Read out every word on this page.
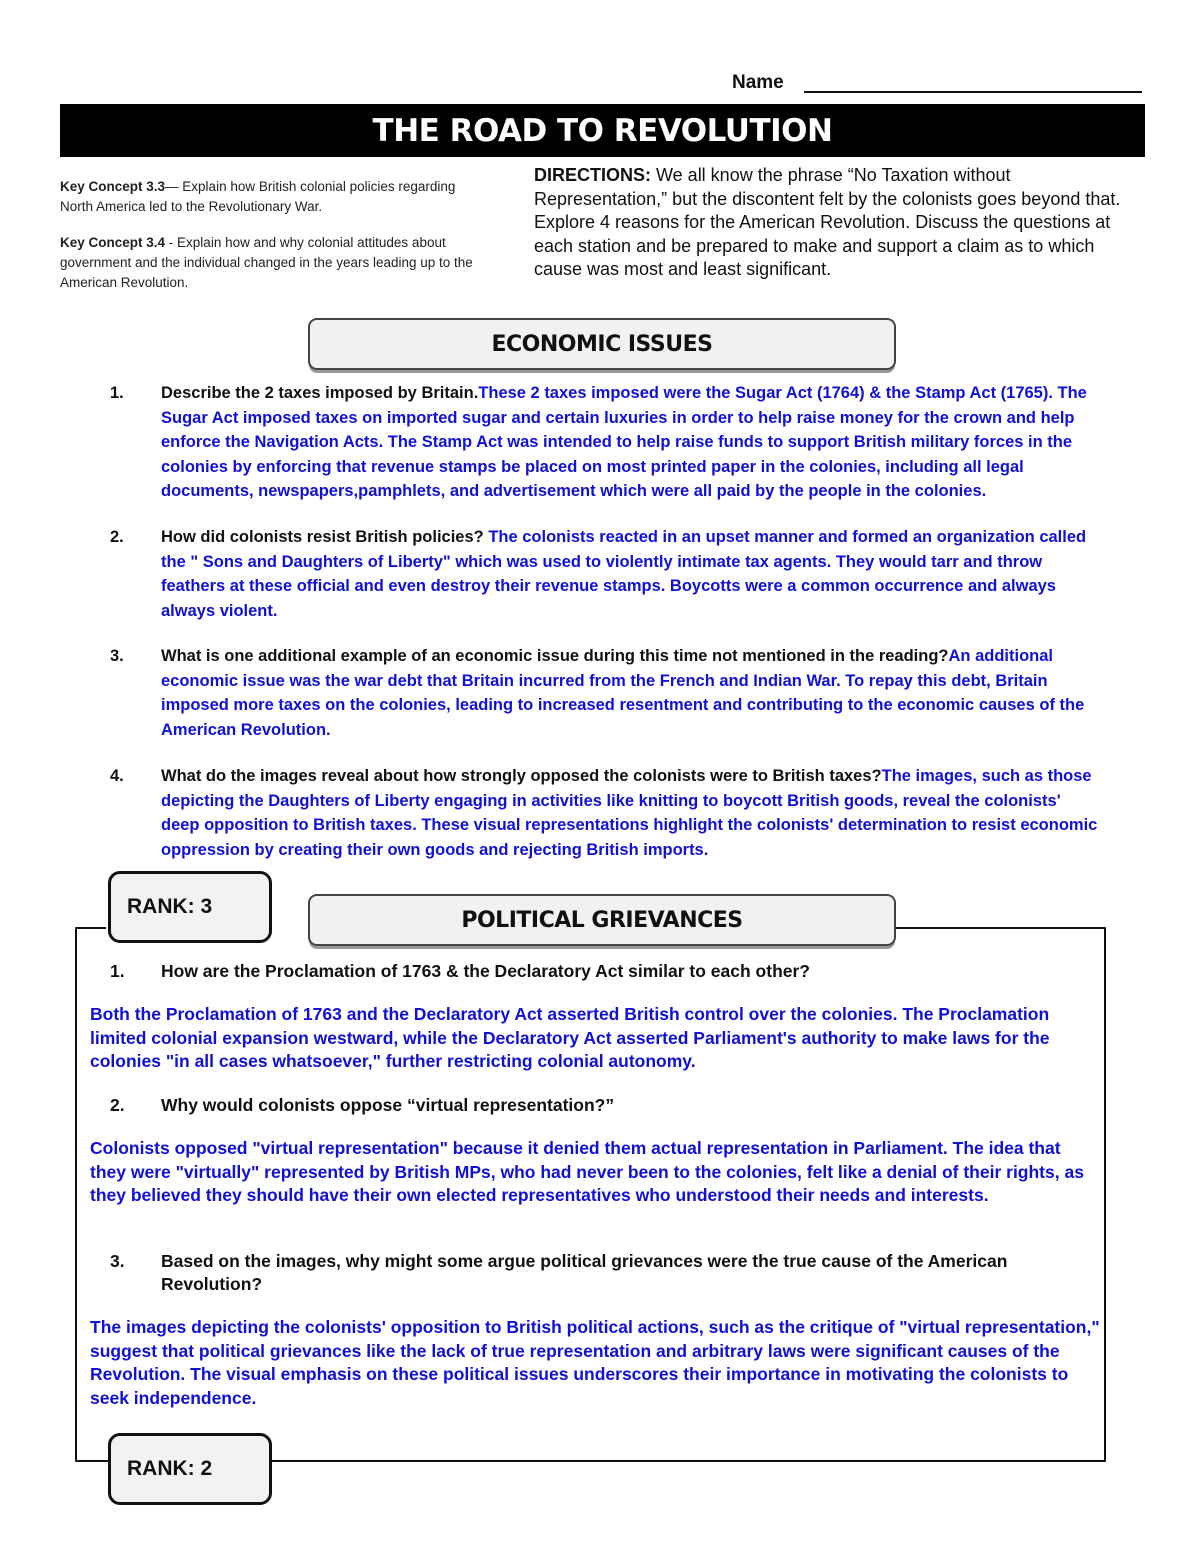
Name
THE ROAD TO REVOLUTION
Key Concept 3.3— Explain how British colonial policies regarding North America led to the Revolutionary War.
Key Concept 3.4 - Explain how and why colonial attitudes about government and the individual changed in the years leading up to the American Revolution.
DIRECTIONS: We all know the phrase “No Taxation without Representation,” but the discontent felt by the colonists goes beyond that. Explore 4 reasons for the American Revolution. Discuss the questions at each station and be prepared to make and support a claim as to which cause was most and least significant.
ECONOMIC ISSUES
1. Describe the 2 taxes imposed by Britain.These 2 taxes imposed were the Sugar Act (1764) & the Stamp Act (1765). The Sugar Act imposed taxes on imported sugar and certain luxuries in order to help raise money for the crown and help enforce the Navigation Acts. The Stamp Act was intended to help raise funds to support British military forces in the colonies by enforcing that revenue stamps be placed on most printed paper in the colonies, including all legal documents, newspapers,pamphlets, and advertisement which were all paid by the people in the colonies.
2. How did colonists resist British policies? The colonists reacted in an upset manner and formed an organization called the " Sons and Daughters of Liberty" which was used to violently intimate tax agents. They would tarr and throw feathers at these official and even destroy their revenue stamps. Boycotts were a common occurrence and always always violent.
3. What is one additional example of an economic issue during this time not mentioned in the reading?An additional economic issue was the war debt that Britain incurred from the French and Indian War. To repay this debt, Britain imposed more taxes on the colonies, leading to increased resentment and contributing to the economic causes of the American Revolution.
4. What do the images reveal about how strongly opposed the colonists were to British taxes?The images, such as those depicting the Daughters of Liberty engaging in activities like knitting to boycott British goods, reveal the colonists' deep opposition to British taxes. These visual representations highlight the colonists' determination to resist economic oppression by creating their own goods and rejecting British imports.
RANK: 3
RANK: 2
POLITICAL GRIEVANCES
1. How are the Proclamation of 1763 & the Declaratory Act similar to each other?
Both the Proclamation of 1763 and the Declaratory Act asserted British control over the colonies. The Proclamation limited colonial expansion westward, while the Declaratory Act asserted Parliament's authority to make laws for the colonies "in all cases whatsoever," further restricting colonial autonomy.
2. Why would colonists oppose “virtual representation?”
Colonists opposed "virtual representation" because it denied them actual representation in Parliament. The idea that they were "virtually" represented by British MPs, who had never been to the colonies, felt like a denial of their rights, as they believed they should have their own elected representatives who understood their needs and interests.
3. Based on the images, why might some argue political grievances were the true cause of the American Revolution?
The images depicting the colonists' opposition to British political actions, such as the critique of "virtual representation," suggest that political grievances like the lack of true representation and arbitrary laws were significant causes of the Revolution. The visual emphasis on these political issues underscores their importance in motivating the colonists to seek independence.
